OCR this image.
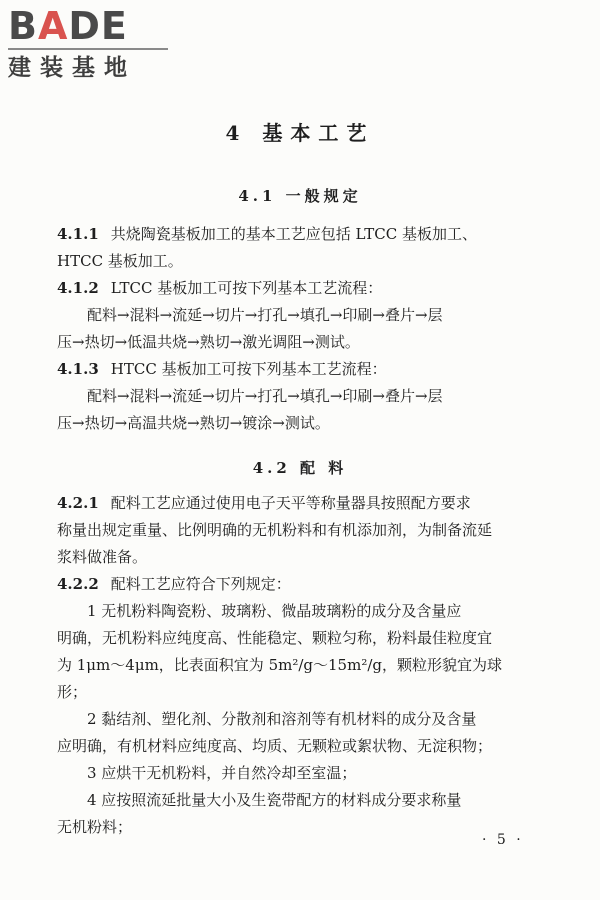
B A DE
建装基地
4 基本工艺
4.1 一般规定
4.2 配 料
4.1.1 共烧陶瓷基板加工的基本工艺应包括 LTCC 基板加工、
HTCC 基板加工。
4.1.2 LTCC 基板加工可按下列基本工艺流程：
配料→混料→流延→切片→打孔→填孔→印刷→叠片→层
压→热切→低温共烧→熟切→激光调阻→测试。
4.1.3 HTCC 基板加工可按下列基本工艺流程：
配料→混料→流延→切片→打孔→填孔→印刷→叠片→层
压→热切→高温共烧→熟切→镀涂→测试。
4.2.1 配料工艺应通过使用电子天平等称量器具按照配方要求
称量出规定重量、比例明确的无机粉料和有机添加剂，为制备流延
浆料做准备。
4.2.2 配料工艺应符合下列规定：
1 无机粉料陶瓷粉、玻璃粉、微晶玻璃粉的成分及含量应
明确，无机粉料应纯度高、性能稳定、颗粒匀称，粉料最佳粒度宜
为 1μm～4μm，比表面积宜为 5m²/g～15m²/g，颗粒形貌宜为球
形；
2 黏结剂、塑化剂、分散剂和溶剂等有机材料的成分及含量
应明确，有机材料应纯度高、均质、无颗粒或絮状物、无淀积物；
3 应烘干无机粉料，并自然冷却至室温；
4 应按照流延批量大小及生瓷带配方的材料成分要求称量
无机粉料；
· 5 ·
